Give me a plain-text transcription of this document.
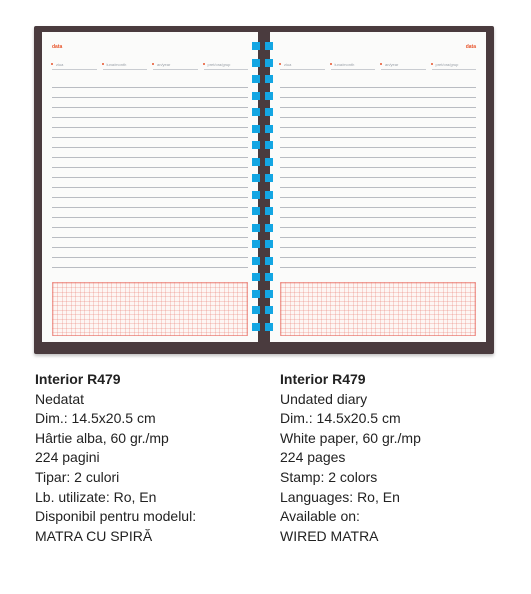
data
ziua	luna/month	an/year	pret/ora/grup
data
ziua	luna/month	an/year	pret/ora/grup
Interior R479
Nedatat
Dim.: 14.5x20.5 cm
Hârtie alba, 60 gr./mp
224 pagini
Tipar: 2 culori
Lb. utilizate: Ro, En
Disponibil pentru modelul:
MATRA CU SPIRĂ
Interior R479
Undated diary
Dim.: 14.5x20.5 cm
White paper, 60 gr./mp
224 pages
Stamp: 2 colors
Languages: Ro, En
Available on:
WIRED MATRA
